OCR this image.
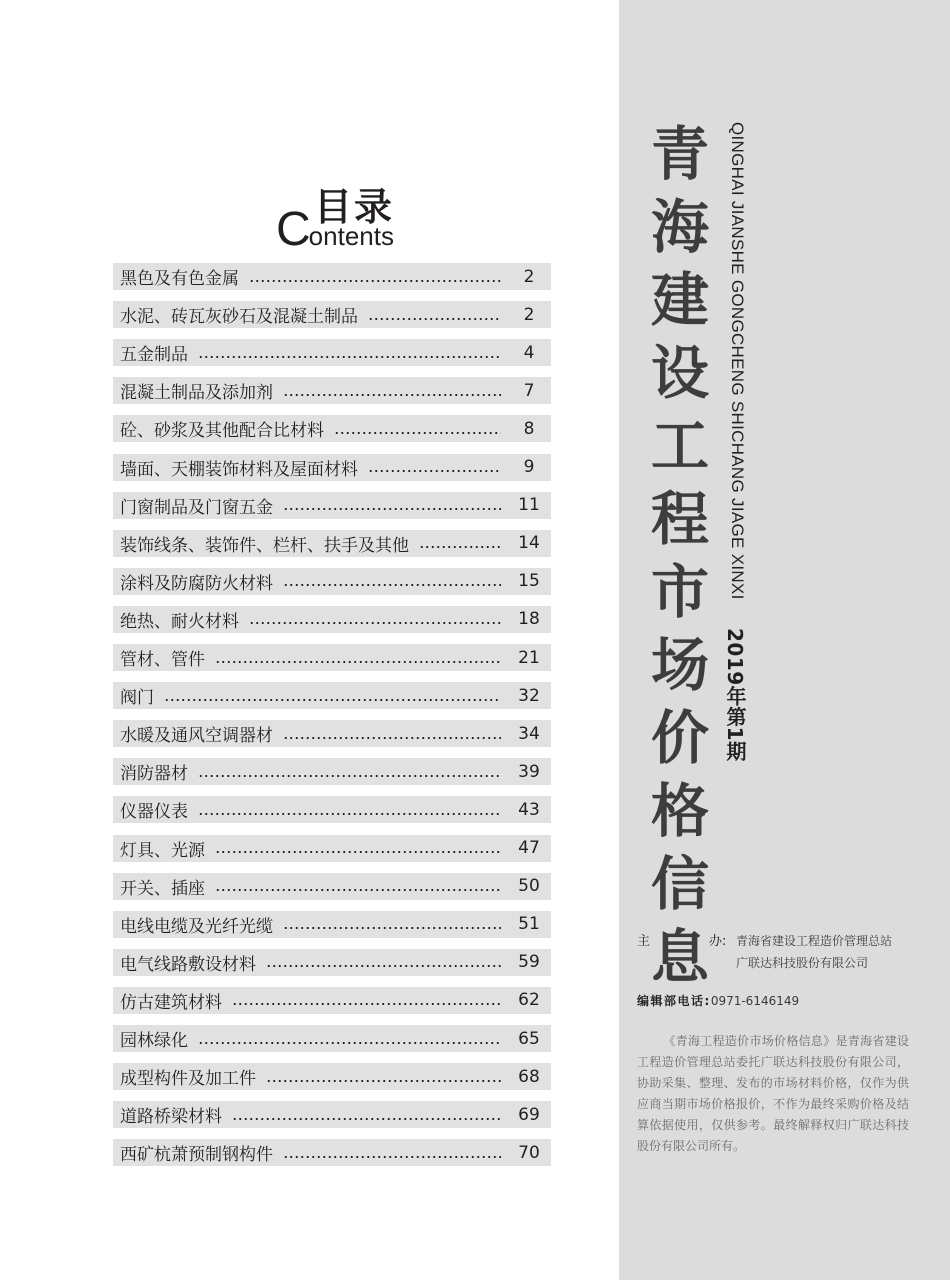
目录
Contents
黑色及有色金属	2
水泥、砖瓦灰砂石及混凝土制品	2
五金制品	4
混凝土制品及添加剂	7
砼、砂浆及其他配合比材料	8
墙面、天棚装饰材料及屋面材料	9
门窗制品及门窗五金	11
装饰线条、装饰件、栏杆、扶手及其他	14
涂料及防腐防火材料	15
绝热、耐火材料	18
管材、管件	21
阀门	32
水暖及通风空调器材	34
消防器材	39
仪器仪表	43
灯具、光源	47
开关、插座	50
电线电缆及光纤光缆	51
电气线路敷设材料	59
仿古建筑材料	62
园林绿化	65
成型构件及加工件	68
道路桥梁材料	69
西矿杭萧预制钢构件	70
青
海
建
设
工
程
市
场
价
格
信
息
QINGHAI JIANSHE GONGCHENG SHICHANG JIAGE XINXI
2019年第1期
主	办: 青海省建设工程造价管理总站
广联达科技股份有限公司
编辑部电话:0971-6146149
《青海工程造价市场价格信息》是青海省建设工程造价管理总站委托广联达科技股份有限公司，协助采集、整理、发布的市场材料价格，仅作为供应商当期市场价格报价，不作为最终采购价格及结算依据使用，仅供参考。最终解释权归广联达科技股份有限公司所有。
